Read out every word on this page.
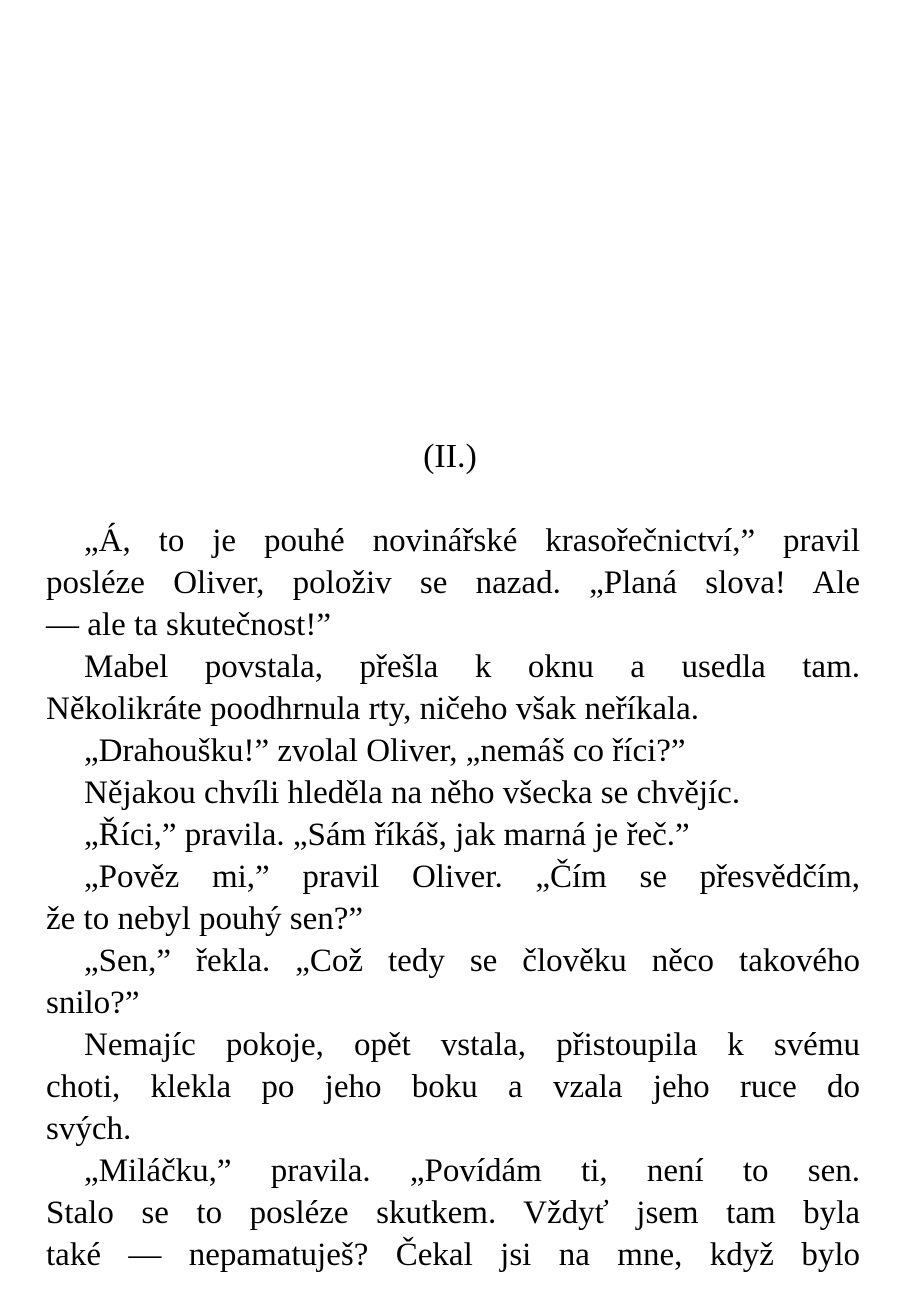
(II.)
„Á, to je pouhé novinářské krasořečnictví,” pravil
posléze Oliver, položiv se nazad. „Planá slova! Ale
— ale ta skutečnost!”
Mabel povstala, přešla k oknu a usedla tam.
Několikráte poodhrnula rty, ničeho však neříkala.
„Drahoušku!” zvolal Oliver, „nemáš co říci?”
Nějakou chvíli hleděla na něho všecka se chvějíc.
„Říci,” pravila. „Sám říkáš, jak marná je řeč.”
„Pověz mi,” pravil Oliver. „Čím se přesvědčím,
že to nebyl pouhý sen?”
„Sen,” řekla. „Což tedy se člověku něco takového
snilo?”
Nemajíc pokoje, opět vstala, přistoupila k svému
choti, klekla po jeho boku a vzala jeho ruce do
svých.
„Miláčku,” pravila. „Povídám ti, není to sen.
Stalo se to posléze skutkem. Vždyť jsem tam byla
také — nepamatuješ? Čekal jsi na mne, když bylo
